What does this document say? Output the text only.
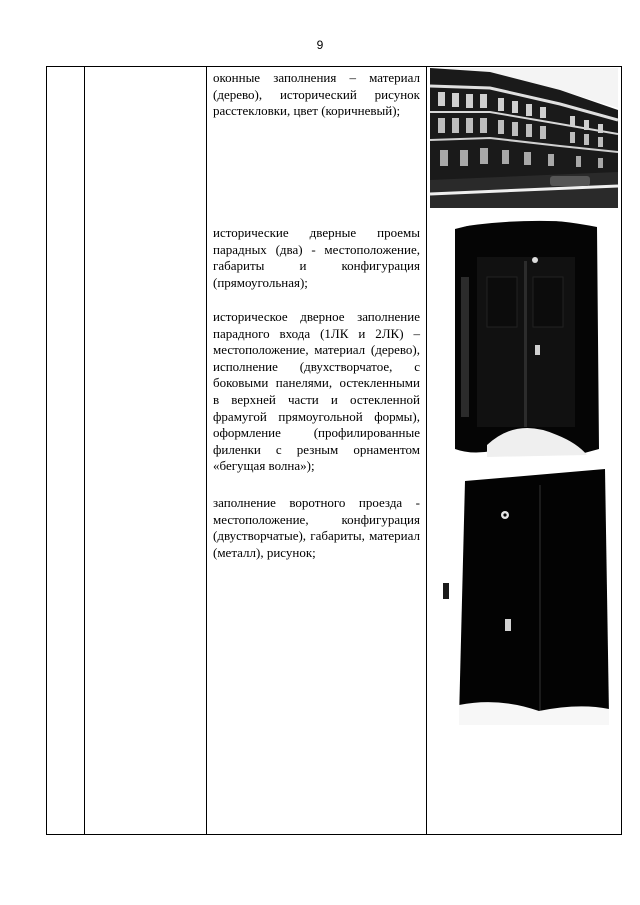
9

оконные заполнения – материал (дерево), исторический рисунок расстекловки, цвет (коричневый);

исторические дверные проемы парадных (два) - местоположение, габариты и конфигурация (прямоугольная);

историческое дверное заполнение парадного входа (1ЛК и 2ЛК) – местоположение, материал (дерево), исполнение (двухстворчатое, с боковыми панелями, остекленными в верхней части и остекленной фрамугой прямоугольной формы), оформление (профилированные филенки с резным орнаментом «бегущая волна»);

заполнение воротного проезда - местоположение, конфигурация (двустворчатые), габариты, материал (металл), рисунок;
